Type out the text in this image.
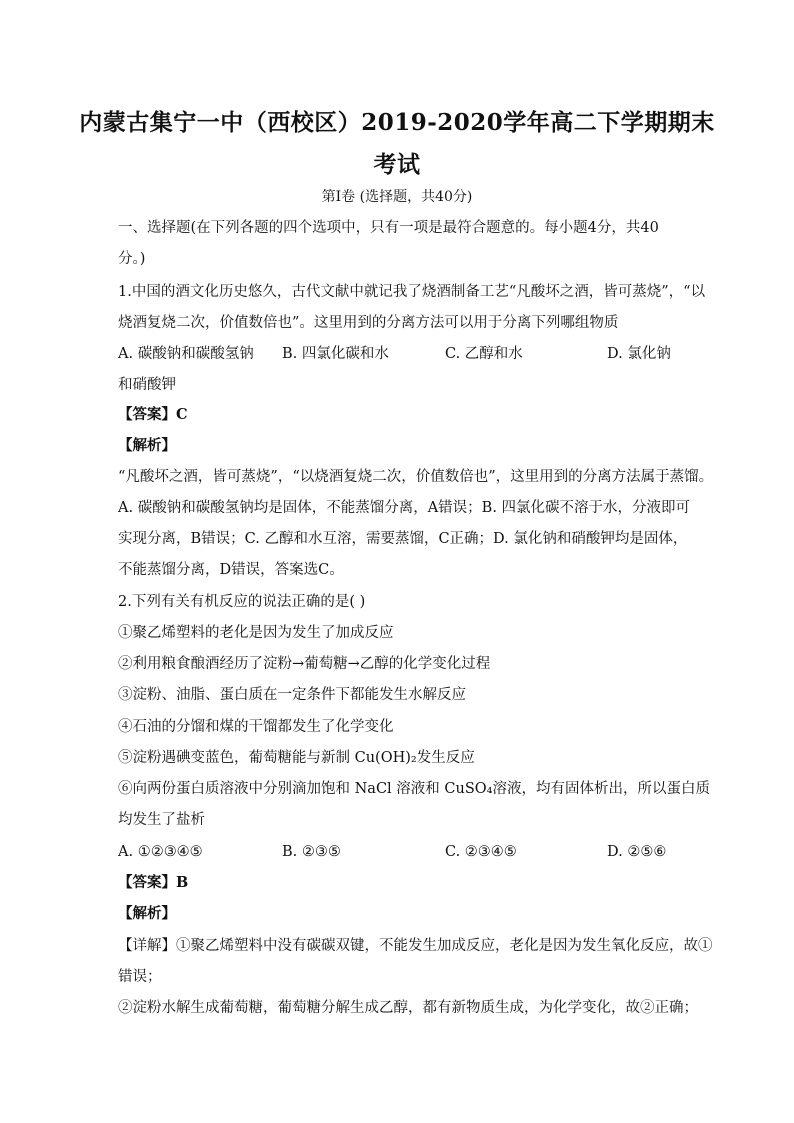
内蒙古集宁一中（西校区）2019-2020学年高二下学期期末
考试
第Ⅰ卷 (选择题，共40分)
一、选择题(在下列各题的四个选项中，只有一项是最符合题意的。每小题4分，共40
分。)
1.中国的酒文化历史悠久，古代文献中就记我了烧酒制备工艺“凡酸坏之酒，皆可蒸烧”，“以
烧酒复烧二次，价值数倍也”。这里用到的分离方法可以用于分离下列哪组物质
A. 碳酸钠和碳酸氢钠 B. 四氯化碳和水	C. 乙醇和水	D. 氯化钠
和硝酸钾
【答案】C
【解析】
“凡酸坏之酒，皆可蒸烧”，“以烧酒复烧二次，价值数倍也”，这里用到的分离方法属于蒸馏。
A. 碳酸钠和碳酸氢钠均是固体，不能蒸馏分离，A错误；B. 四氯化碳不溶于水，分液即可
实现分离，B错误；C. 乙醇和水互溶，需要蒸馏，C正确；D. 氯化钠和硝酸钾均是固体，
不能蒸馏分离，D错误，答案选C。
2.下列有关有机反应的说法正确的是( )
①聚乙烯塑料的老化是因为发生了加成反应
②利用粮食酿酒经历了淀粉→葡萄糖→乙醇的化学变化过程
③淀粉、油脂、蛋白质在一定条件下都能发生水解反应
④石油的分馏和煤的干馏都发生了化学变化
⑤淀粉遇碘变蓝色，葡萄糖能与新制 Cu(OH)₂发生反应
⑥向两份蛋白质溶液中分别滴加饱和 NaCl 溶液和 CuSO₄溶液，均有固体析出，所以蛋白质
均发生了盐析
A. ①②③④⑤	B. ②③⑤	C. ②③④⑤	D. ②⑤⑥
【答案】B
【解析】
【详解】①聚乙烯塑料中没有碳碳双键，不能发生加成反应，老化是因为发生氧化反应，故①
错误；
②淀粉水解生成葡萄糖，葡萄糖分解生成乙醇，都有新物质生成，为化学变化，故②正确；
